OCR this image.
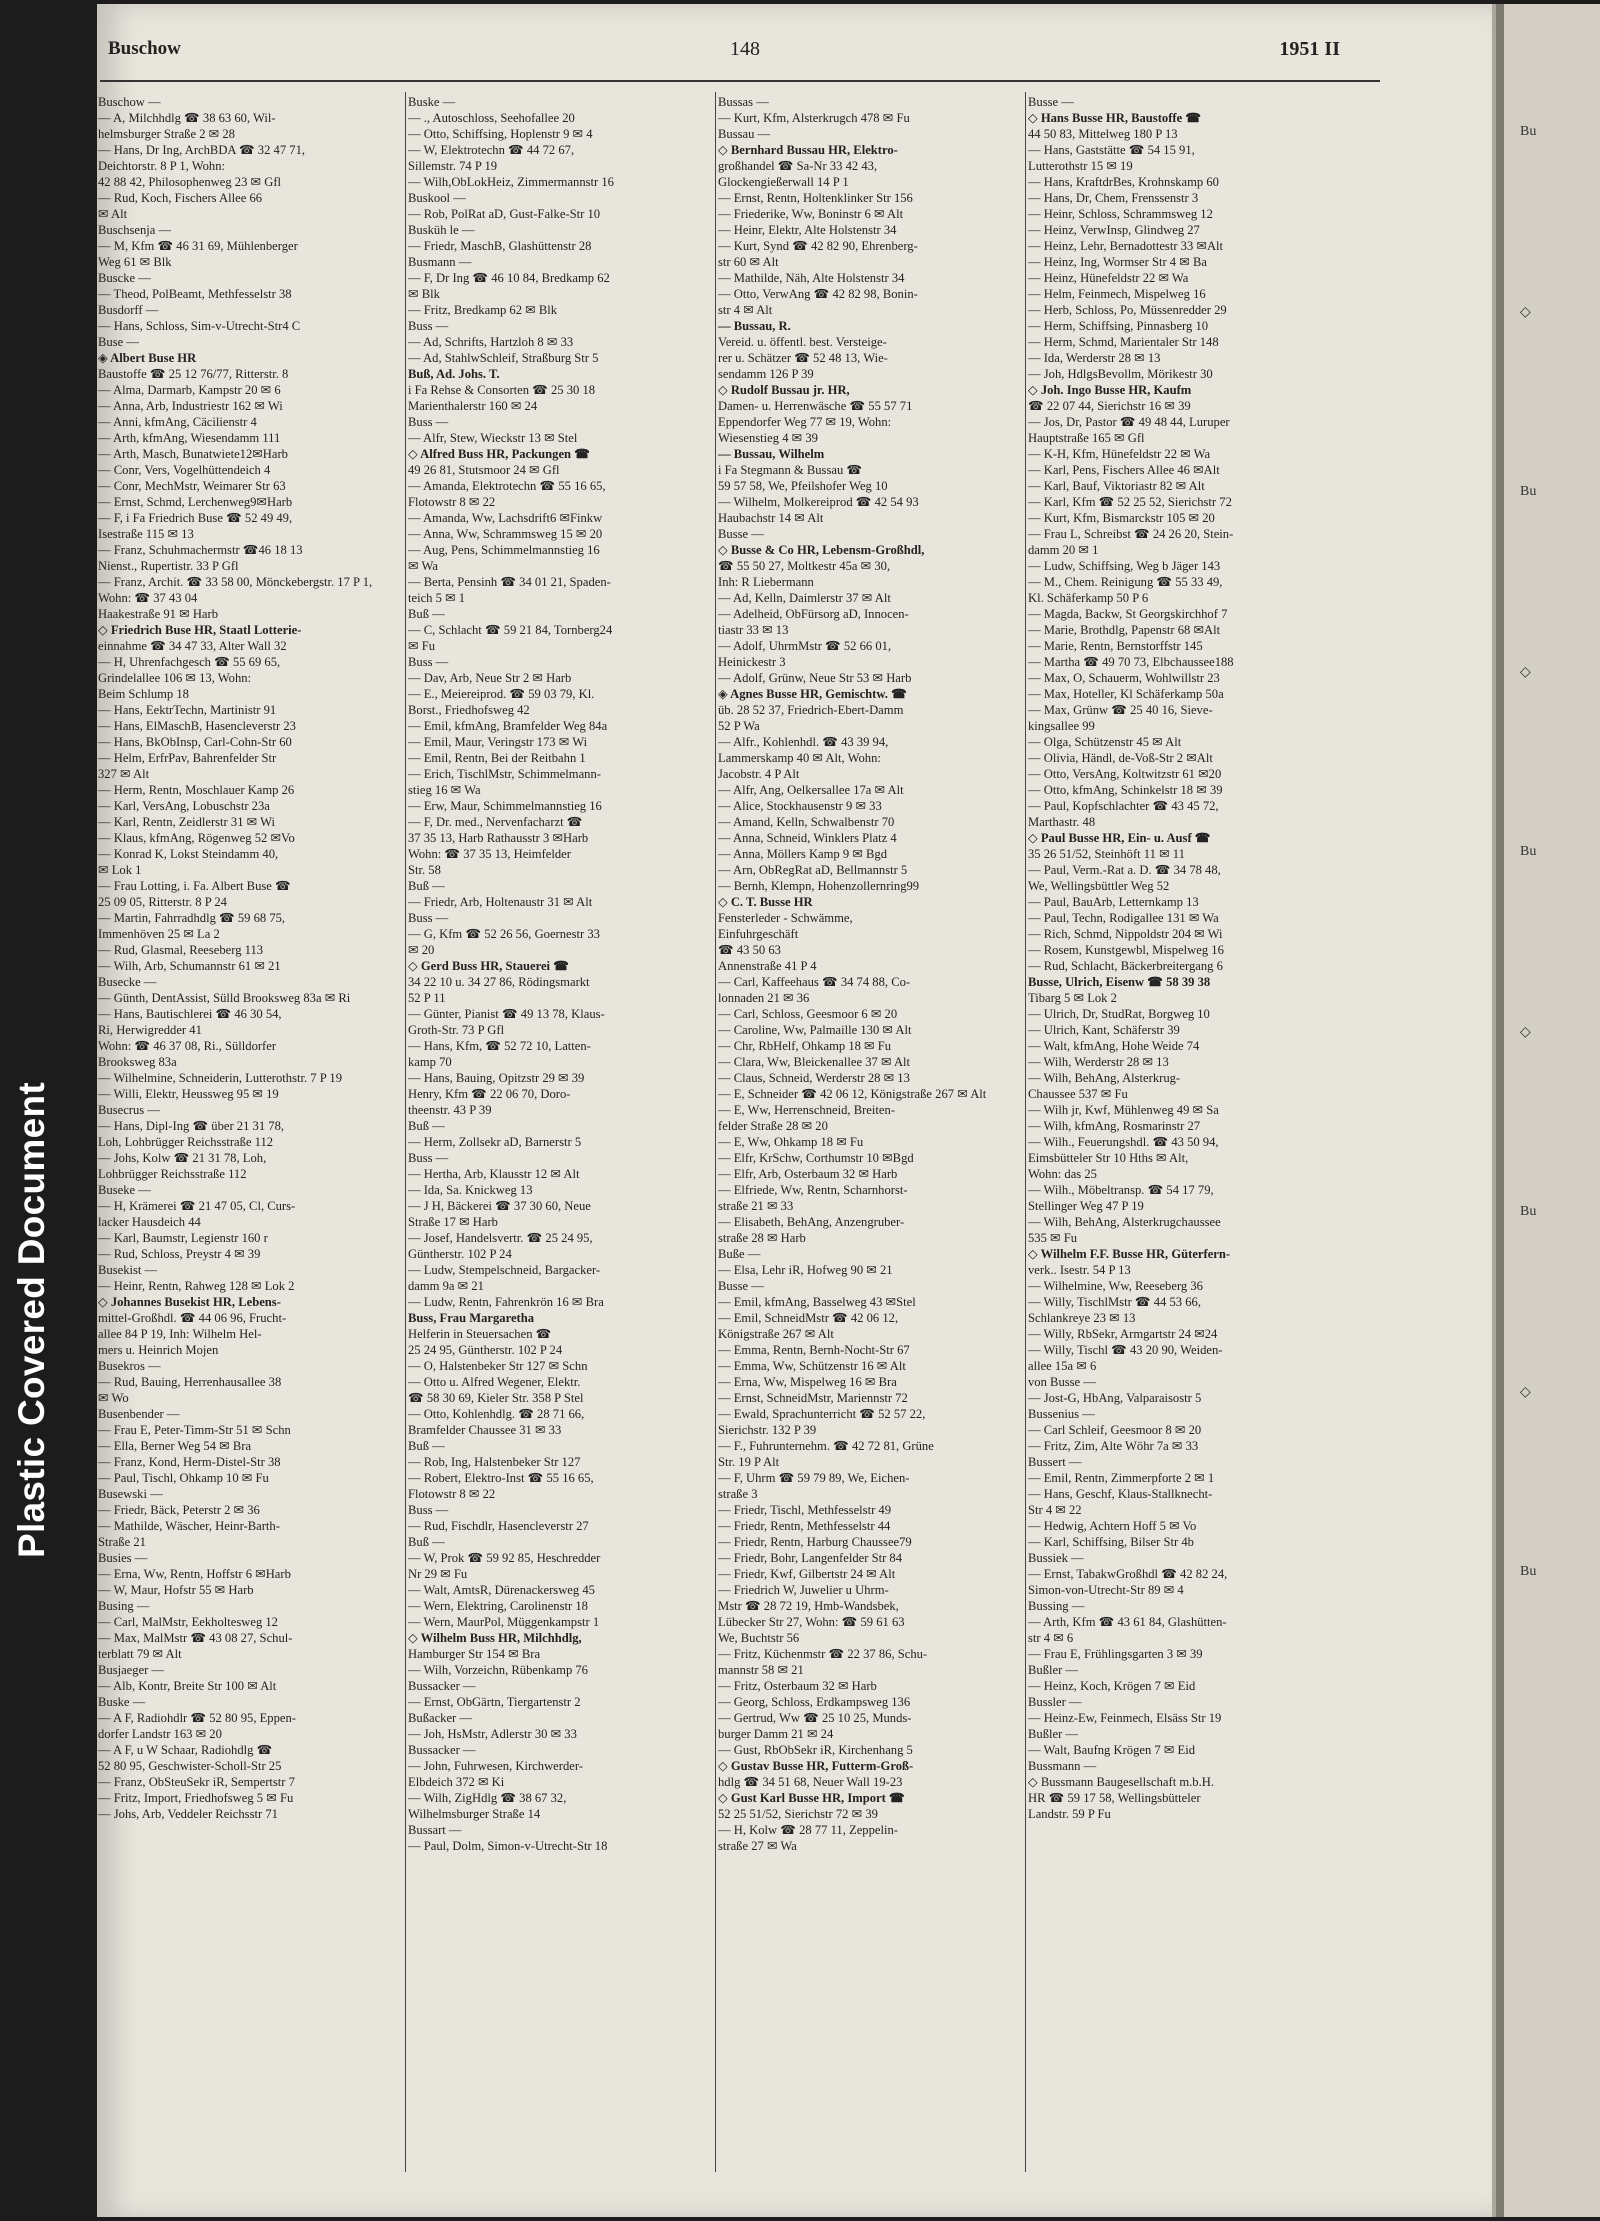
Plastic Covered Document
Bu
◇
Bu
◇
Bu
◇
Bu
◇
Bu
Buschow	148	1951 II
Buschow —
— A, Milchhdlg ☎ 38 63 60, Wil-
helmsburger Straße 2 ✉ 28
— Hans, Dr Ing, ArchBDA ☎ 32 47 71,
Deichtorstr. 8 P 1, Wohn:
42 88 42, Philosophenweg 23 ✉ Gfl
— Rud, Koch, Fischers Allee 66
✉ Alt
Buschsenja —
— M, Kfm ☎ 46 31 69, Mühlenberger
Weg 61 ✉ Blk
Buscke —
— Theod, PolBeamt, Methfesselstr 38
Busdorff —
— Hans, Schloss, Sim-v-Utrecht-Str4 C
Buse —
◈ Albert Buse HR
Baustoffe ☎ 25 12 76/77, Ritterstr. 8
— Alma, Darmarb, Kampstr 20 ✉ 6
— Anna, Arb, Industriestr 162 ✉ Wi
— Anni, kfmAng, Cäcilienstr 4
— Arth, kfmAng, Wiesendamm 111
— Arth, Masch, Bunatwiete12✉Harb
— Conr, Vers, Vogelhüttendeich 4
— Conr, MechMstr, Weimarer Str 63
— Ernst, Schmd, Lerchenweg9✉Harb
— F, i Fa Friedrich Buse ☎ 52 49 49,
Isestraße 115 ✉ 13
— Franz, Schuhmachermstr ☎46 18 13
Nienst., Rupertistr. 33 P Gfl
— Franz, Archit. ☎ 33 58 00, Mönckebergstr. 17 P 1,
Wohn: ☎ 37 43 04
Haakestraße 91 ✉ Harb
◇ Friedrich Buse HR, Staatl Lotterie-
einnahme ☎ 34 47 33, Alter Wall 32
— H, Uhrenfachgesch ☎ 55 69 65,
Grindelallee 106 ✉ 13, Wohn:
Beim Schlump 18
— Hans, EektrTechn, Martinistr 91
— Hans, ElMaschB, Hasencleverstr 23
— Hans, BkObInsp, Carl-Cohn-Str 60
— Helm, ErfrPav, Bahrenfelder Str
327 ✉ Alt
— Herm, Rentn, Moschlauer Kamp 26
— Karl, VersAng, Lobuschstr 23a
— Karl, Rentn, Zeidlerstr 31 ✉ Wi
— Klaus, kfmAng, Rögenweg 52 ✉Vo
— Konrad K, Lokst Steindamm 40,
✉ Lok 1
— Frau Lotting, i. Fa. Albert Buse ☎
25 09 05, Ritterstr. 8 P 24
— Martin, Fahrradhdlg ☎ 59 68 75,
Immenhöven 25 ✉ La 2
— Rud, Glasmal, Reeseberg 113
— Wilh, Arb, Schumannstr 61 ✉ 21
Busecke —
— Günth, DentAssist, Sülld Brooksweg 83a ✉ Ri
— Hans, Bautischlerei ☎ 46 30 54,
Ri, Herwigredder 41
Wohn: ☎ 46 37 08, Ri., Sülldorfer
Brooksweg 83a
— Wilhelmine, Schneiderin, Lutterothstr. 7 P 19
— Willi, Elektr, Heussweg 95 ✉ 19
Busecrus —
— Hans, Dipl-Ing ☎ über 21 31 78,
Loh, Lohbrügger Reichsstraße 112
— Johs, Kolw ☎ 21 31 78, Loh,
Lohbrügger Reichsstraße 112
Buseke —
— H, Krämerei ☎ 21 47 05, Cl, Curs-
lacker Hausdeich 44
— Karl, Baumstr, Legienstr 160 r
— Rud, Schloss, Preystr 4 ✉ 39
Busekist —
— Heinr, Rentn, Rahweg 128 ✉ Lok 2
◇ Johannes Busekist HR, Lebens-
mittel-Großhdl. ☎ 44 06 96, Frucht-
allee 84 P 19, Inh: Wilhelm Hel-
mers u. Heinrich Mojen
Busekros —
— Rud, Bauing, Herrenhausallee 38
✉ Wo
Busenbender —
— Frau E, Peter-Timm-Str 51 ✉ Schn
— Ella, Berner Weg 54 ✉ Bra
— Franz, Kond, Herm-Distel-Str 38
— Paul, Tischl, Ohkamp 10 ✉ Fu
Busewski —
— Friedr, Bäck, Peterstr 2 ✉ 36
— Mathilde, Wäscher, Heinr-Barth-
Straße 21
Busies —
— Erna, Ww, Rentn, Hoffstr 6 ✉Harb
— W, Maur, Hofstr 55 ✉ Harb
Busing —
— Carl, MalMstr, Eekholtesweg 12
— Max, MalMstr ☎ 43 08 27, Schul-
terblatt 79 ✉ Alt
Busjaeger —
— Alb, Kontr, Breite Str 100 ✉ Alt
Buske —
— A F, Radiohdlr ☎ 52 80 95, Eppen-
dorfer Landstr 163 ✉ 20
— A F, u W Schaar, Radiohdlg ☎
52 80 95, Geschwister-Scholl-Str 25
— Franz, ObSteuSekr iR, Sempertstr 7
— Fritz, Import, Friedhofsweg 5 ✉ Fu
— Johs, Arb, Veddeler Reichsstr 71
Buske —
— ., Autoschloss, Seehofallee 20
— Otto, Schiffsing, Hoplenstr 9 ✉ 4
— W, Elektrotechn ☎ 44 72 67,
Sillemstr. 74 P 19
— Wilh,ObLokHeiz, Zimmermannstr 16
Buskool —
— Rob, PolRat aD, Gust-Falke-Str 10
Busküh le —
— Friedr, MaschB, Glashüttenstr 28
Busmann —
— F, Dr Ing ☎ 46 10 84, Bredkamp 62
✉ Blk
— Fritz, Bredkamp 62 ✉ Blk
Buss —
— Ad, Schrifts, Hartzloh 8 ✉ 33
— Ad, StahlwSchleif, Straßburg Str 5
Buß, Ad. Johs. T.
i Fa Rehse & Consorten ☎ 25 30 18
Marienthalerstr 160 ✉ 24
Buss —
— Alfr, Stew, Wieckstr 13 ✉ Stel
◇ Alfred Buss HR, Packungen ☎
49 26 81, Stutsmoor 24 ✉ Gfl
— Amanda, Elektrotechn ☎ 55 16 65,
Flotowstr 8 ✉ 22
— Amanda, Ww, Lachsdrift6 ✉Finkw
— Anna, Ww, Schrammsweg 15 ✉ 20
— Aug, Pens, Schimmelmannstieg 16
✉ Wa
— Berta, Pensinh ☎ 34 01 21, Spaden-
teich 5 ✉ 1
Buß —
— C, Schlacht ☎ 59 21 84, Tornberg24
✉ Fu
Buss —
— Dav, Arb, Neue Str 2 ✉ Harb
— E., Meiereiprod. ☎ 59 03 79, Kl.
Borst., Friedhofsweg 42
— Emil, kfmAng, Bramfelder Weg 84a
— Emil, Maur, Veringstr 173 ✉ Wi
— Emil, Rentn, Bei der Reitbahn 1
— Erich, TischlMstr, Schimmelmann-
stieg 16 ✉ Wa
— Erw, Maur, Schimmelmannstieg 16
— F, Dr. med., Nervenfacharzt ☎
37 35 13, Harb Rathausstr 3 ✉Harb
Wohn: ☎ 37 35 13, Heimfelder
Str. 58
Buß —
— Friedr, Arb, Holtenaustr 31 ✉ Alt
Buss —
— G, Kfm ☎ 52 26 56, Goernestr 33
✉ 20
◇ Gerd Buss HR, Stauerei ☎
34 22 10 u. 34 27 86, Rödingsmarkt
52 P 11
— Günter, Pianist ☎ 49 13 78, Klaus-
Groth-Str. 73 P Gfl
— Hans, Kfm, ☎ 52 72 10, Latten-
kamp 70
— Hans, Bauing, Opitzstr 29 ✉ 39
Henry, Kfm ☎ 22 06 70, Doro-
theenstr. 43 P 39
Buß —
— Herm, Zollsekr aD, Barnerstr 5
Buss —
— Hertha, Arb, Klausstr 12 ✉ Alt
— Ida, Sa. Knickweg 13
— J H, Bäckerei ☎ 37 30 60, Neue
Straße 17 ✉ Harb
— Josef, Handelsvertr. ☎ 25 24 95,
Güntherstr. 102 P 24
— Ludw, Stempelschneid, Bargacker-
damm 9a ✉ 21
— Ludw, Rentn, Fahrenkrön 16 ✉ Bra
Buss, Frau Margaretha
Helferin in Steuersachen ☎
25 24 95, Güntherstr. 102 P 24
— O, Halstenbeker Str 127 ✉ Schn
— Otto u. Alfred Wegener, Elektr.
☎ 58 30 69, Kieler Str. 358 P Stel
— Otto, Kohlenhdlg. ☎ 28 71 66,
Bramfelder Chaussee 31 ✉ 33
Buß —
— Rob, Ing, Halstenbeker Str 127
— Robert, Elektro-Inst ☎ 55 16 65,
Flotowstr 8 ✉ 22
Buss —
— Rud, Fischdlr, Hasencleverstr 27
Buß —
— W, Prok ☎ 59 92 85, Heschredder
Nr 29 ✉ Fu
— Walt, AmtsR, Dürenackersweg 45
— Wern, Elektring, Carolinenstr 18
— Wern, MaurPol, Müggenkampstr 1
◇ Wilhelm Buss HR, Milchhdlg,
Hamburger Str 154 ✉ Bra
— Wilh, Vorzeichn, Rübenkamp 76
Bussacker —
— Ernst, ObGärtn, Tiergartenstr 2
Bußacker —
— Joh, HsMstr, Adlerstr 30 ✉ 33
Bussacker —
— John, Fuhrwesen, Kirchwerder-
Elbdeich 372 ✉ Ki
— Wilh, ZigHdlg ☎ 38 67 32,
Wilhelmsburger Straße 14
Bussart —
— Paul, Dolm, Simon-v-Utrecht-Str 18
Bussas —
— Kurt, Kfm, Alsterkrugch 478 ✉ Fu
Bussau —
◇ Bernhard Bussau HR, Elektro-
großhandel ☎ Sa-Nr 33 42 43,
Glockengießerwall 14 P 1
— Ernst, Rentn, Holtenklinker Str 156
— Friederike, Ww, Boninstr 6 ✉ Alt
— Heinr, Elektr, Alte Holstenstr 34
— Kurt, Synd ☎ 42 82 90, Ehrenberg-
str 60 ✉ Alt
— Mathilde, Näh, Alte Holstenstr 34
— Otto, VerwAng ☎ 42 82 98, Bonin-
str 4 ✉ Alt
— Bussau, R.
Vereid. u. öffentl. best. Versteige-
rer u. Schätzer ☎ 52 48 13, Wie-
sendamm 126 P 39
◇ Rudolf Bussau jr. HR,
Damen- u. Herrenwäsche ☎ 55 57 71
Eppendorfer Weg 77 ✉ 19, Wohn:
Wiesenstieg 4 ✉ 39
— Bussau, Wilhelm
i Fa Stegmann & Bussau ☎
59 57 58, We, Pfeilshofer Weg 10
— Wilhelm, Molkereiprod ☎ 42 54 93
Haubachstr 14 ✉ Alt
Busse —
◇ Busse & Co HR, Lebensm-Großhdl,
☎ 55 50 27, Moltkestr 45a ✉ 30,
Inh: R Liebermann
— Ad, Kelln, Daimlerstr 37 ✉ Alt
— Adelheid, ObFürsorg aD, Innocen-
tiastr 33 ✉ 13
— Adolf, UhrmMstr ☎ 52 66 01,
Heinickestr 3
— Adolf, Grünw, Neue Str 53 ✉ Harb
◈ Agnes Busse HR, Gemischtw. ☎
üb. 28 52 37, Friedrich-Ebert-Damm
52 P Wa
— Alfr., Kohlenhdl. ☎ 43 39 94,
Lammerskamp 40 ✉ Alt, Wohn:
Jacobstr. 4 P Alt
— Alfr, Ang, Oelkersallee 17a ✉ Alt
— Alice, Stockhausenstr 9 ✉ 33
— Amand, Kelln, Schwalbenstr 70
— Anna, Schneid, Winklers Platz 4
— Anna, Möllers Kamp 9 ✉ Bgd
— Arn, ObRegRat aD, Bellmannstr 5
— Bernh, Klempn, Hohenzollernring99
◇ C. T. Busse HR
Fensterleder - Schwämme,
Einfuhrgeschäft
☎ 43 50 63
Annenstraße 41 P 4
— Carl, Kaffeehaus ☎ 34 74 88, Co-
lonnaden 21 ✉ 36
— Carl, Schloss, Geesmoor 6 ✉ 20
— Caroline, Ww, Palmaille 130 ✉ Alt
— Chr, RbHelf, Ohkamp 18 ✉ Fu
— Clara, Ww, Bleickenallee 37 ✉ Alt
— Claus, Schneid, Werderstr 28 ✉ 13
— E, Schneider ☎ 42 06 12, Königstraße 267 ✉ Alt
— E, Ww, Herrenschneid, Breiten-
felder Straße 28 ✉ 20
— E, Ww, Ohkamp 18 ✉ Fu
— Elfr, KrSchw, Corthumstr 10 ✉Bgd
— Elfr, Arb, Osterbaum 32 ✉ Harb
— Elfriede, Ww, Rentn, Scharnhorst-
straße 21 ✉ 33
— Elisabeth, BehAng, Anzengruber-
straße 28 ✉ Harb
Buße —
— Elsa, Lehr iR, Hofweg 90 ✉ 21
Busse —
— Emil, kfmAng, Basselweg 43 ✉Stel
— Emil, SchneidMstr ☎ 42 06 12,
Königstraße 267 ✉ Alt
— Emma, Rentn, Bernh-Nocht-Str 67
— Emma, Ww, Schützenstr 16 ✉ Alt
— Erna, Ww, Mispelweg 16 ✉ Bra
— Ernst, SchneidMstr, Mariennstr 72
— Ewald, Sprachunterricht ☎ 52 57 22,
Sierichstr. 132 P 39
— F., Fuhrunternehm. ☎ 42 72 81, Grüne
Str. 19 P Alt
— F, Uhrm ☎ 59 79 89, We, Eichen-
straße 3
— Friedr, Tischl, Methfesselstr 49
— Friedr, Rentn, Methfesselstr 44
— Friedr, Rentn, Harburg Chaussee79
— Friedr, Bohr, Langenfelder Str 84
— Friedr, Kwf, Gilbertstr 24 ✉ Alt
— Friedrich W, Juwelier u Uhrm-
Mstr ☎ 28 72 19, Hmb-Wandsbek,
Lübecker Str 27, Wohn: ☎ 59 61 63
We, Buchtstr 56
— Fritz, Küchenmstr ☎ 22 37 86, Schu-
mannstr 58 ✉ 21
— Fritz, Osterbaum 32 ✉ Harb
— Georg, Schloss, Erdkampsweg 136
— Gertrud, Ww ☎ 25 10 25, Munds-
burger Damm 21 ✉ 24
— Gust, RbObSekr iR, Kirchenhang 5
◇ Gustav Busse HR, Futterm-Groß-
hdlg ☎ 34 51 68, Neuer Wall 19-23
◇ Gust Karl Busse HR, Import ☎
52 25 51/52, Sierichstr 72 ✉ 39
— H, Kolw ☎ 28 77 11, Zeppelin-
straße 27 ✉ Wa
Busse —
◇ Hans Busse HR, Baustoffe ☎
44 50 83, Mittelweg 180 P 13
— Hans, Gaststätte ☎ 54 15 91,
Lutterothstr 15 ✉ 19
— Hans, KraftdrBes, Krohnskamp 60
— Hans, Dr, Chem, Frenssenstr 3
— Heinr, Schloss, Schrammsweg 12
— Heinz, VerwInsp, Glindweg 27
— Heinz, Lehr, Bernadottestr 33 ✉Alt
— Heinz, Ing, Wormser Str 4 ✉ Ba
— Heinz, Hünefeldstr 22 ✉ Wa
— Helm, Feinmech, Mispelweg 16
— Herb, Schloss, Po, Müssenredder 29
— Herm, Schiffsing, Pinnasberg 10
— Herm, Schmd, Marientaler Str 148
— Ida, Werderstr 28 ✉ 13
— Joh, HdlgsBevollm, Mörikestr 30
◇ Joh. Ingo Busse HR, Kaufm
☎ 22 07 44, Sierichstr 16 ✉ 39
— Jos, Dr, Pastor ☎ 49 48 44, Luruper
Hauptstraße 165 ✉ Gfl
— K-H, Kfm, Hünefeldstr 22 ✉ Wa
— Karl, Pens, Fischers Allee 46 ✉Alt
— Karl, Bauf, Viktoriastr 82 ✉ Alt
— Karl, Kfm ☎ 52 25 52, Sierichstr 72
— Kurt, Kfm, Bismarckstr 105 ✉ 20
— Frau L, Schreibst ☎ 24 26 20, Stein-
damm 20 ✉ 1
— Ludw, Schiffsing, Weg b Jäger 143
— M., Chem. Reinigung ☎ 55 33 49,
Kl. Schäferkamp 50 P 6
— Magda, Backw, St Georgskirchhof 7
— Marie, Brothdlg, Papenstr 68 ✉Alt
— Marie, Rentn, Bernstorffstr 145
— Martha ☎ 49 70 73, Elbchaussee188
— Max, O, Schauerm, Wohlwillstr 23
— Max, Hoteller, Kl Schäferkamp 50a
— Max, Grünw ☎ 25 40 16, Sieve-
kingsallee 99
— Olga, Schützenstr 45 ✉ Alt
— Olivia, Händl, de-Voß-Str 2 ✉Alt
— Otto, VersAng, Koltwitzstr 61 ✉20
— Otto, kfmAng, Schinkelstr 18 ✉ 39
— Paul, Kopfschlachter ☎ 43 45 72,
Marthastr. 48
◇ Paul Busse HR, Ein- u. Ausf ☎
35 26 51/52, Steinhöft 11 ✉ 11
— Paul, Verm.-Rat a. D. ☎ 34 78 48,
We, Wellingsbüttler Weg 52
— Paul, BauArb, Letternkamp 13
— Paul, Techn, Rodigallee 131 ✉ Wa
— Rich, Schmd, Nippoldstr 204 ✉ Wi
— Rosem, Kunstgewbl, Mispelweg 16
— Rud, Schlacht, Bäckerbreitergang 6
Busse, Ulrich, Eisenw ☎ 58 39 38
Tibarg 5 ✉ Lok 2
— Ulrich, Dr, StudRat, Borgweg 10
— Ulrich, Kant, Schäferstr 39
— Walt, kfmAng, Hohe Weide 74
— Wilh, Werderstr 28 ✉ 13
— Wilh, BehAng, Alsterkrug-
Chaussee 537 ✉ Fu
— Wilh jr, Kwf, Mühlenweg 49 ✉ Sa
— Wilh, kfmAng, Rosmarinstr 27
— Wilh., Feuerungshdl. ☎ 43 50 94,
Eimsbütteler Str 10 Hths ✉ Alt,
Wohn: das 25
— Wilh., Möbeltransp. ☎ 54 17 79,
Stellinger Weg 47 P 19
— Wilh, BehAng, Alsterkrugchaussee
535 ✉ Fu
◇ Wilhelm F.F. Busse HR, Güterfern-
verk.. Isestr. 54 P 13
— Wilhelmine, Ww, Reeseberg 36
— Willy, TischlMstr ☎ 44 53 66,
Schlankreye 23 ✉ 13
— Willy, RbSekr, Armgartstr 24 ✉24
— Willy, Tischl ☎ 43 20 90, Weiden-
allee 15a ✉ 6
von Busse —
— Jost-G, HbAng, Valparaisostr 5
Bussenius —
— Carl Schleif, Geesmoor 8 ✉ 20
— Fritz, Zim, Alte Wöhr 7a ✉ 33
Bussert —
— Emil, Rentn, Zimmerpforte 2 ✉ 1
— Hans, Geschf, Klaus-Stallknecht-
Str 4 ✉ 22
— Hedwig, Achtern Hoff 5 ✉ Vo
— Karl, Schiffsing, Bilser Str 4b
Bussiek —
— Ernst, TabakwGroßhdl ☎ 42 82 24,
Simon-von-Utrecht-Str 89 ✉ 4
Bussing —
— Arth, Kfm ☎ 43 61 84, Glashütten-
str 4 ✉ 6
— Frau E, Frühlingsgarten 3 ✉ 39
Bußler —
— Heinz, Koch, Krögen 7 ✉ Eid
Bussler —
— Heinz-Ew, Feinmech, Elsäss Str 19
Bußler —
— Walt, Baufng Krögen 7 ✉ Eid
Bussmann —
◇ Bussmann Baugesellschaft m.b.H.
HR ☎ 59 17 58, Wellingsbütteler
Landstr. 59 P Fu
